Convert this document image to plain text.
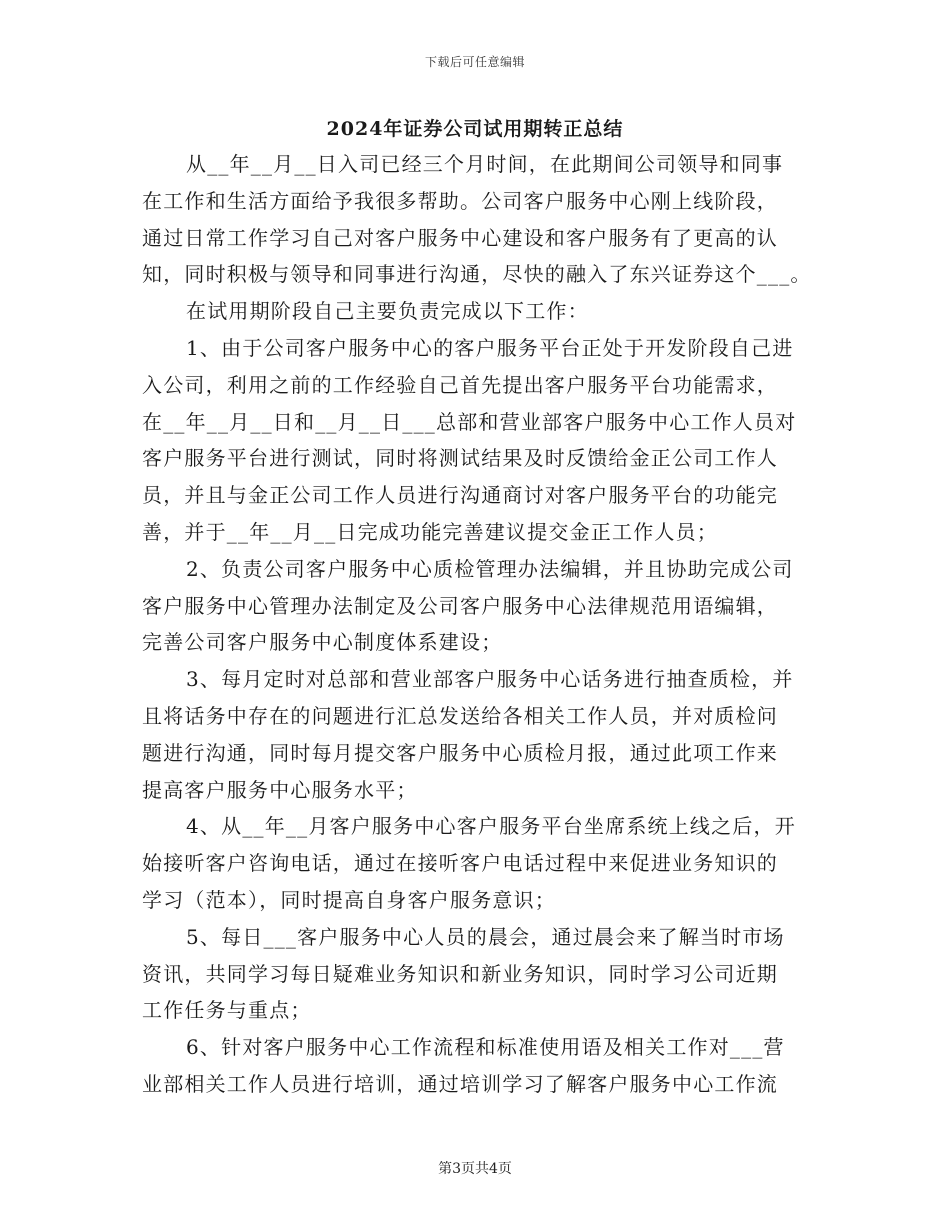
下载后可任意编辑
2024年证券公司试用期转正总结
从__年__月__日入司已经三个月时间，在此期间公司领导和同事
在工作和生活方面给予我很多帮助。公司客户服务中心刚上线阶段，
通过日常工作学习自己对客户服务中心建设和客户服务有了更高的认
知，同时积极与领导和同事进行沟通，尽快的融入了东兴证券这个___。
在试用期阶段自己主要负责完成以下工作：
1、由于公司客户服务中心的客户服务平台正处于开发阶段自己进
入公司，利用之前的工作经验自己首先提出客户服务平台功能需求，
在__年__月__日和__月__日___总部和营业部客户服务中心工作人员对
客户服务平台进行测试，同时将测试结果及时反馈给金正公司工作人
员，并且与金正公司工作人员进行沟通商讨对客户服务平台的功能完
善，并于__年__月__日完成功能完善建议提交金正工作人员；
2、负责公司客户服务中心质检管理办法编辑，并且协助完成公司
客户服务中心管理办法制定及公司客户服务中心法律规范用语编辑，
完善公司客户服务中心制度体系建设；
3、每月定时对总部和营业部客户服务中心话务进行抽查质检，并
且将话务中存在的问题进行汇总发送给各相关工作人员，并对质检问
题进行沟通，同时每月提交客户服务中心质检月报，通过此项工作来
提高客户服务中心服务水平；
4、从__年__月客户服务中心客户服务平台坐席系统上线之后，开
始接听客户咨询电话，通过在接听客户电话过程中来促进业务知识的
学习（范本），同时提高自身客户服务意识；
5、每日___客户服务中心人员的晨会，通过晨会来了解当时市场
资讯，共同学习每日疑难业务知识和新业务知识，同时学习公司近期
工作任务与重点；
6、针对客户服务中心工作流程和标准使用语及相关工作对___营
业部相关工作人员进行培训，通过培训学习了解客户服务中心工作流
第3页共4页
